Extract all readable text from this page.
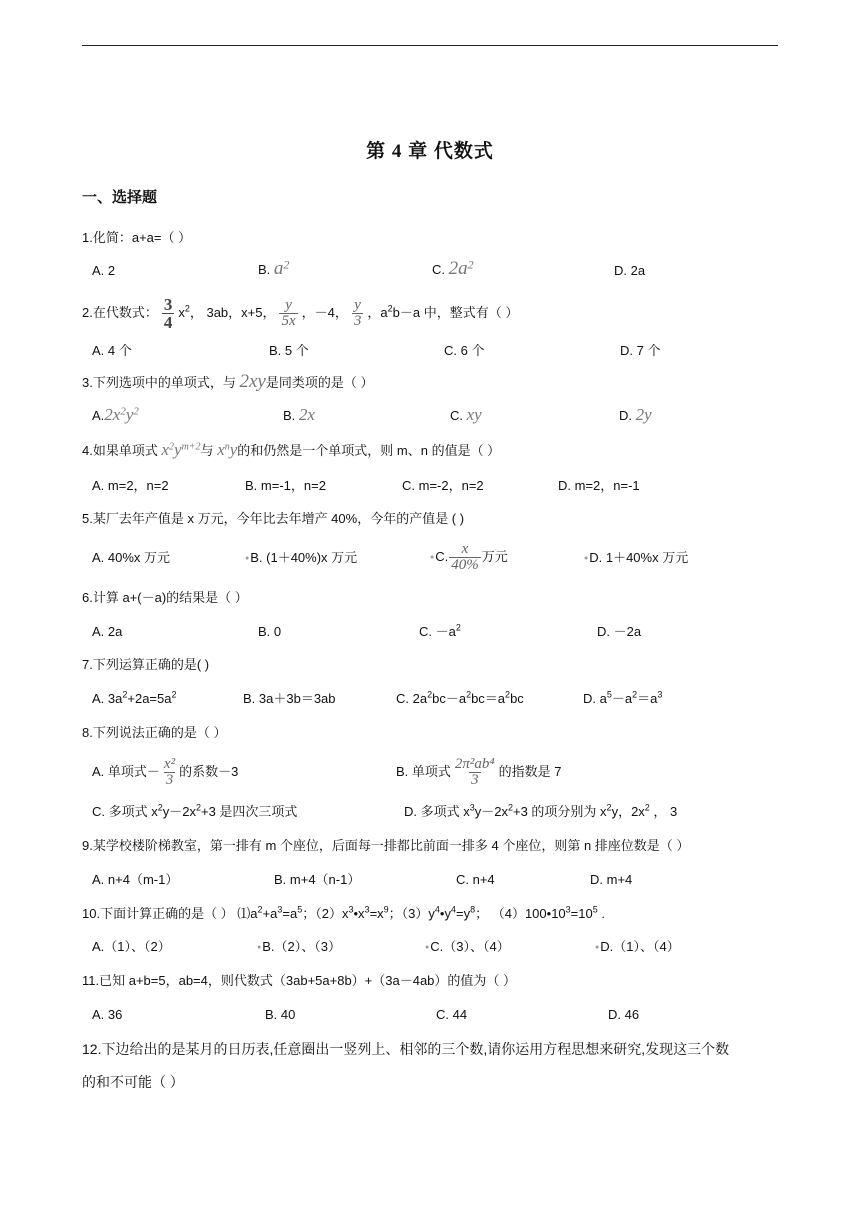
第 4 章 代数式
一、选择题
1.化简：a+a=（ ）
A. 2	B. $a^2$	C. $2a^2$	D. 2a
2.在代数式： $\frac{3}{4} x^2$， 3ab，x+5， $\frac{y}{5x}$ ，－4， $\frac{y}{3}$ ，$a^2b-a$ 中，整式有（ ）
A. 4 个	B. 5 个	C. 6 个	D. 7 个
3.下列选项中的单项式，与 2xy是同类项的是（ ）
$A.2x^2y^2$	B. 2x	C. xy	D. 2y
4.如果单项式 $x^2y^{m+2}$与 $x^ny$的和仍然是一个单项式，则 m、n 的值是（ ）
A. m=2，n=2	B. m=-1，n=2	C. m=-2，n=2	D. m=2，n=-1
5.某厂去年产值是 x 万元，今年比去年增产 40%，今年的产值是 ( )
A. 40%x 万元	●B. (1＋40%)x 万元	●C. $\frac{x}{40\%}$ 万元	●D. 1＋40%x 万元
6.计算 a+(－a)的结果是（ ）
A. 2a	B. 0	C. $-a^2$	D. －2a
7.下列运算正确的是( )
A. $3a^2+2a=5a^2$	B. 3a＋3b＝3ab	C. $2a^2bc-a^2bc=a^2bc$	D. $a^5-a^2=a^3$
8.下列说法正确的是（ ）
A. 单项式－ $\frac{\text{x²}}{3}$ 的系数－3	B. 单项式 $\frac{\text{2π²ab⁴}}{3}$ 的指数是 7
C. 多项式 $x^2y-2x^2+3$ 是四次三项式	D. 多项式 $x^3y-2x^2+3$ 的项分别为 $x^2y$，$2x^2$ ， 3
9.某学校楼阶梯教室，第一排有 m 个座位，后面每一排都比前面一排多 4 个座位，则第 n 排座位数是（ ）
A. n+4（m-1）	B. m+4（n-1）	C. n+4	D. m+4
10.下面计算正确的是（ ） $⑴a^2+a^3=a^5$；$(2)x^3•x^3=x^9$；$(3)y^4•y^4=y^8$； $(4)100•10^3=10^5$ .
A.（1）、（2）	●B.（2）、（3）	●C.（3）、（4）	●D.（1）、（4）
11.已知 a+b=5，ab=4，则代数式（3ab+5a+8b）+（3a－4ab）的值为（ ）
A. 36	B. 40	C. 44	D. 46
12.下边给出的是某月的日历表,任意圈出一竖列上、相邻的三个数,请你运用方程思想来研究,发现这三个数
的和不可能（ ）
